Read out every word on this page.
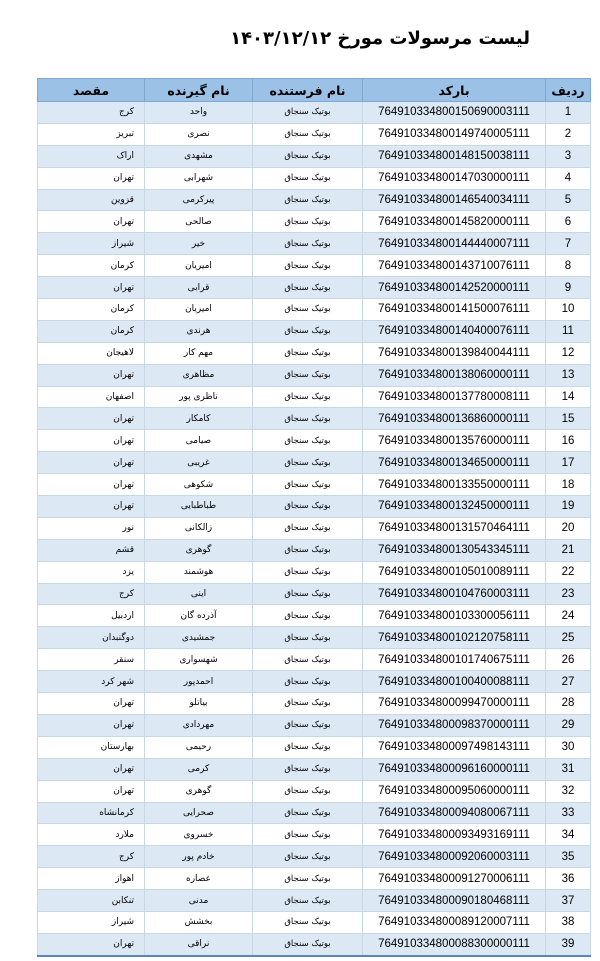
لیست مرسولات مورخ ۱۴۰۳/۱۲/۱۲
ردیف	بارکد	نام فرستنده	نام گیرنده	مقصد
1	764910334800150690003111	بوتیک سنجاق	واحد	کرج
2	764910334800149740005111	بوتیک سنجاق	نصری	تبریز
3	764910334800148150038111	بوتیک سنجاق	مشهدی	اراک
4	764910334800147030000111	بوتیک سنجاق	شهرابی	تهران
5	764910334800146540034111	بوتیک سنجاق	پیرکرمی	قزوین
6	764910334800145820000111	بوتیک سنجاق	صالحی	تهران
7	764910334800144440007111	بوتیک سنجاق	خیر	شیراز
8	764910334800143710076111	بوتیک سنجاق	امیریان	کرمان
9	764910334800142520000111	بوتیک سنجاق	قرابی	تهران
10	764910334800141500076111	بوتیک سنجاق	امیریان	کرمان
11	764910334800140400076111	بوتیک سنجاق	هرندی	کرمان
12	764910334800139840044111	بوتیک سنجاق	مهم کار	لاهیجان
13	764910334800138060000111	بوتیک سنجاق	مظاهری	تهران
14	764910334800137780008111	بوتیک سنجاق	ناظری پور	اصفهان
15	764910334800136860000111	بوتیک سنجاق	کامکار	تهران
16	764910334800135760000111	بوتیک سنجاق	صیامی	تهران
17	764910334800134650000111	بوتیک سنجاق	غریبی	تهران
18	764910334800133550000111	بوتیک سنجاق	شکوهی	تهران
19	764910334800132450000111	بوتیک سنجاق	طباطبایی	تهران
20	764910334800131570464111	بوتیک سنجاق	زالکانی	نور
21	764910334800130543345111	بوتیک سنجاق	گوهری	قشم
22	764910334800105010089111	بوتیک سنجاق	هوشمند	یزد
23	764910334800104760003111	بوتیک سنجاق	اینی	کرج
24	764910334800103300056111	بوتیک سنجاق	آذرده گان	اردبیل
25	764910334800102120758111	بوتیک سنجاق	جمشیدی	دوگنبدان
26	764910334800101740675111	بوتیک سنجاق	شهسواری	سنقر
27	764910334800100400088111	بوتیک سنجاق	احمدپور	شهر کرد
28	764910334800099470000111	بوتیک سنجاق	بیاتلو	تهران
29	764910334800098370000111	بوتیک سنجاق	مهردادی	تهران
30	764910334800097498143111	بوتیک سنجاق	رحیمی	بهارستان
31	764910334800096160000111	بوتیک سنجاق	کرمی	تهران
32	764910334800095060000111	بوتیک سنجاق	گوهری	تهران
33	764910334800094080067111	بوتیک سنجاق	صحرایی	کرمانشاه
34	764910334800093493169111	بوتیک سنجاق	خسروی	ملارد
35	764910334800092060003111	بوتیک سنجاق	خادم پور	کرج
36	764910334800091270006111	بوتیک سنجاق	عصاره	اهواز
37	764910334800090180468111	بوتیک سنجاق	مدنی	تنکابن
38	764910334800089120007111	بوتیک سنجاق	بخشش	شیراز
39	764910334800088300000111	بوتیک سنجاق	نراقی	تهران
